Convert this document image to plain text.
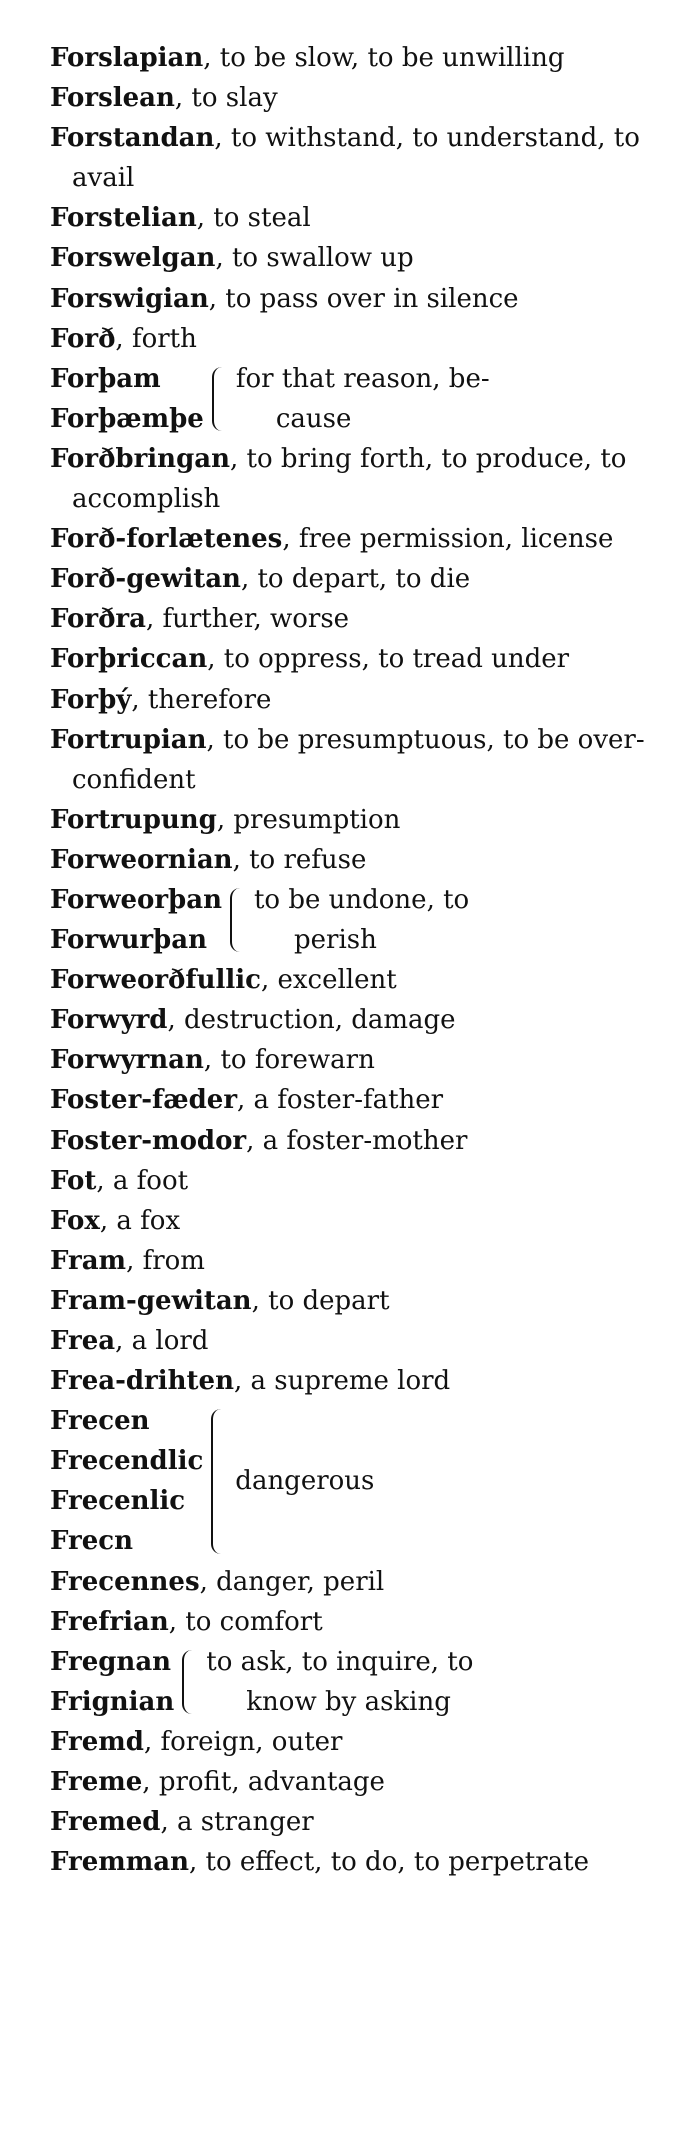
Forslapian, to be slow, to be unwilling
Forslean, to slay
Forstandan, to withstand, to understand, to avail
Forstelian, to steal
Forswelgan, to swallow up
Forswigian, to pass over in silence
Forð, forth
Forþam
Forþæmþe
for that reason, be-
cause
Forðbringan, to bring forth, to produce, to accomplish
Forð-forlætenes, free permission, license
Forð-gewitan, to depart, to die
Forðra, further, worse
Forþriccan, to oppress, to tread under
Forþý, therefore
Fortrupian, to be presumptuous, to be over-confident
Fortrupung, presumption
Forweornian, to refuse
Forweorþan
Forwurþan
to be undone, to
perish
Forweorðfullic, excellent
Forwyrd, destruction, damage
Forwyrnan, to forewarn
Foster-fæder, a foster-father
Foster-modor, a foster-mother
Fot, a foot
Fox, a fox
Fram, from
Fram-gewitan, to depart
Frea, a lord
Frea-drihten, a supreme lord
Frecen
Frecendlic
Frecenlic
Frecn
dangerous
Frecennes, danger, peril
Frefrian, to comfort
Fregnan
Frignian
to ask, to inquire, to
know by asking
Fremd, foreign, outer
Freme, profit, advantage
Fremed, a stranger
Fremman, to effect, to do, to perpetrate
